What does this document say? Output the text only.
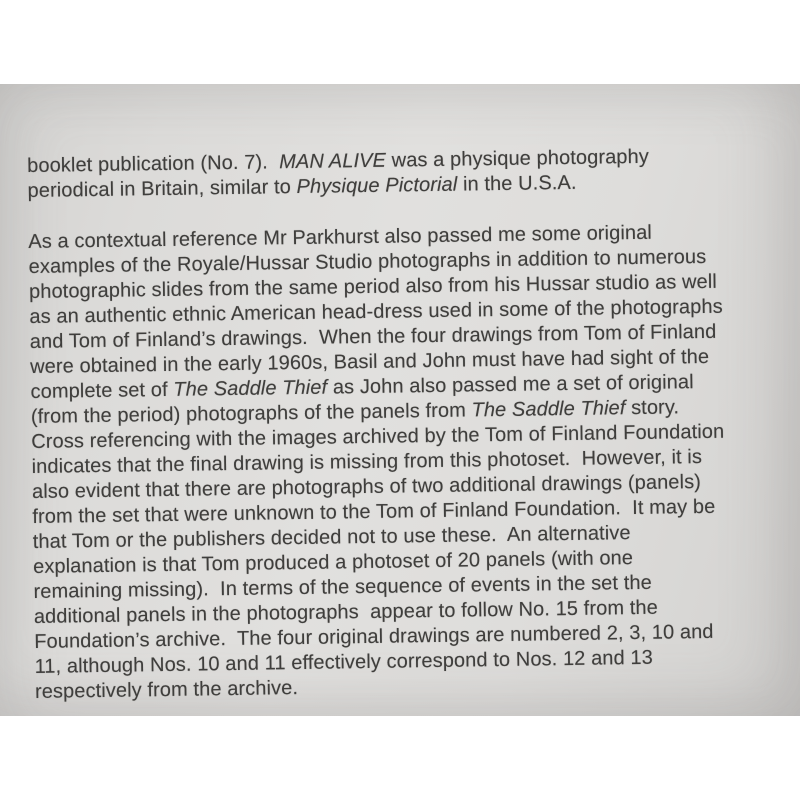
booklet publication (No. 7).  MAN ALIVE was a physique photography
periodical in Britain, similar to Physique Pictorial in the U.S.A.
As a contextual reference Mr Parkhurst also passed me some original
examples of the Royale/Hussar Studio photographs in addition to numerous
photographic slides from the same period also from his Hussar studio as well
as an authentic ethnic American head-dress used in some of the photographs
and Tom of Finland’s drawings.  When the four drawings from Tom of Finland
were obtained in the early 1960s, Basil and John must have had sight of the
complete set of The Saddle Thief as John also passed me a set of original
(from the period) photographs of the panels from The Saddle Thief story.
Cross referencing with the images archived by the Tom of Finland Foundation
indicates that the final drawing is missing from this photoset.  However, it is
also evident that there are photographs of two additional drawings (panels)
from the set that were unknown to the Tom of Finland Foundation.  It may be
that Tom or the publishers decided not to use these.  An alternative
explanation is that Tom produced a photoset of 20 panels (with one
remaining missing).  In terms of the sequence of events in the set the
additional panels in the photographs  appear to follow No. 15 from the
Foundation’s archive.  The four original drawings are numbered 2, 3, 10 and
11, although Nos. 10 and 11 effectively correspond to Nos. 12 and 13
respectively from the archive.
